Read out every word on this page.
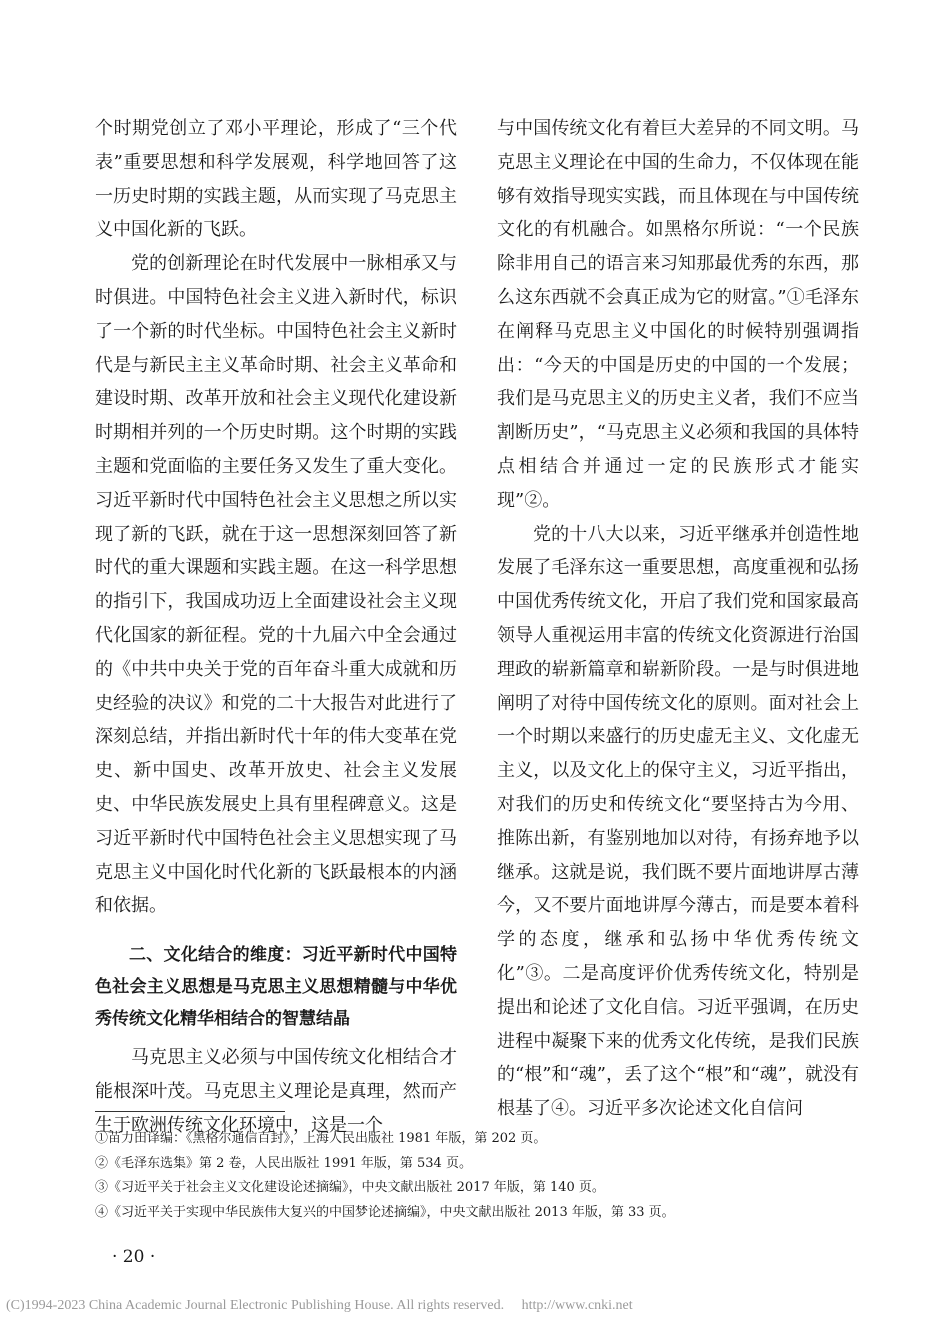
个时期党创立了邓小平理论，形成了“三个代表”重要思想和科学发展观，科学地回答了这一历史时期的实践主题，从而实现了马克思主义中国化新的飞跃。

党的创新理论在时代发展中一脉相承又与时俱进。中国特色社会主义进入新时代，标识了一个新的时代坐标。中国特色社会主义新时代是与新民主主义革命时期、社会主义革命和建设时期、改革开放和社会主义现代化建设新时期相并列的一个历史时期。这个时期的实践主题和党面临的主要任务又发生了重大变化。习近平新时代中国特色社会主义思想之所以实现了新的飞跃，就在于这一思想深刻回答了新时代的重大课题和实践主题。在这一科学思想的指引下，我国成功迈上全面建设社会主义现代化国家的新征程。党的十九届六中全会通过的《中共中央关于党的百年奋斗重大成就和历史经验的决议》和党的二十大报告对此进行了深刻总结，并指出新时代十年的伟大变革在党史、新中国史、改革开放史、社会主义发展史、中华民族发展史上具有里程碑意义。这是习近平新时代中国特色社会主义思想实现了马克思主义中国化时代化新的飞跃最根本的内涵和依据。

二、文化结合的维度：习近平新时代中国特色社会主义思想是马克思主义思想精髓与中华优秀传统文化精华相结合的智慧结晶

马克思主义必须与中国传统文化相结合才能根深叶茂。马克思主义理论是真理，然而产生于欧洲传统文化环境中，这是一个

与中国传统文化有着巨大差异的不同文明。马克思主义理论在中国的生命力，不仅体现在能够有效指导现实实践，而且体现在与中国传统文化的有机融合。如黑格尔所说：“一个民族除非用自己的语言来习知那最优秀的东西，那么这东西就不会真正成为它的财富。”①毛泽东在阐释马克思主义中国化的时候特别强调指出：“今天的中国是历史的中国的一个发展；我们是马克思主义的历史主义者，我们不应当割断历史”，“马克思主义必须和我国的具体特点相结合并通过一定的民族形式才能实现”②。

党的十八大以来，习近平继承并创造性地发展了毛泽东这一重要思想，高度重视和弘扬中国优秀传统文化，开启了我们党和国家最高领导人重视运用丰富的传统文化资源进行治国理政的崭新篇章和崭新阶段。一是与时俱进地阐明了对待中国传统文化的原则。面对社会上一个时期以来盛行的历史虚无主义、文化虚无主义，以及文化上的保守主义，习近平指出，对我们的历史和传统文化“要坚持古为今用、推陈出新，有鉴别地加以对待，有扬弃地予以继承。这就是说，我们既不要片面地讲厚古薄今，又不要片面地讲厚今薄古，而是要本着科学的态度，继承和弘扬中华优秀传统文化”③。二是高度评价优秀传统文化，特别是提出和论述了文化自信。习近平强调，在历史进程中凝聚下来的优秀文化传统，是我们民族的“根”和“魂”，丢了这个“根”和“魂”，就没有根基了④。习近平多次论述文化自信问

①苗力田译编：《黑格尔通信百封》，上海人民出版社 1981 年版，第 202 页。
②《毛泽东选集》第 2 卷，人民出版社 1991 年版，第 534 页。
③《习近平关于社会主义文化建设论述摘编》，中央文献出版社 2017 年版，第 140 页。
④《习近平关于实现中华民族伟大复兴的中国梦论述摘编》，中央文献出版社 2013 年版，第 33 页。
· 20 ·
(C)1994-2023 China Academic Journal Electronic Publishing House. All rights reserved. http://www.cnki.net
